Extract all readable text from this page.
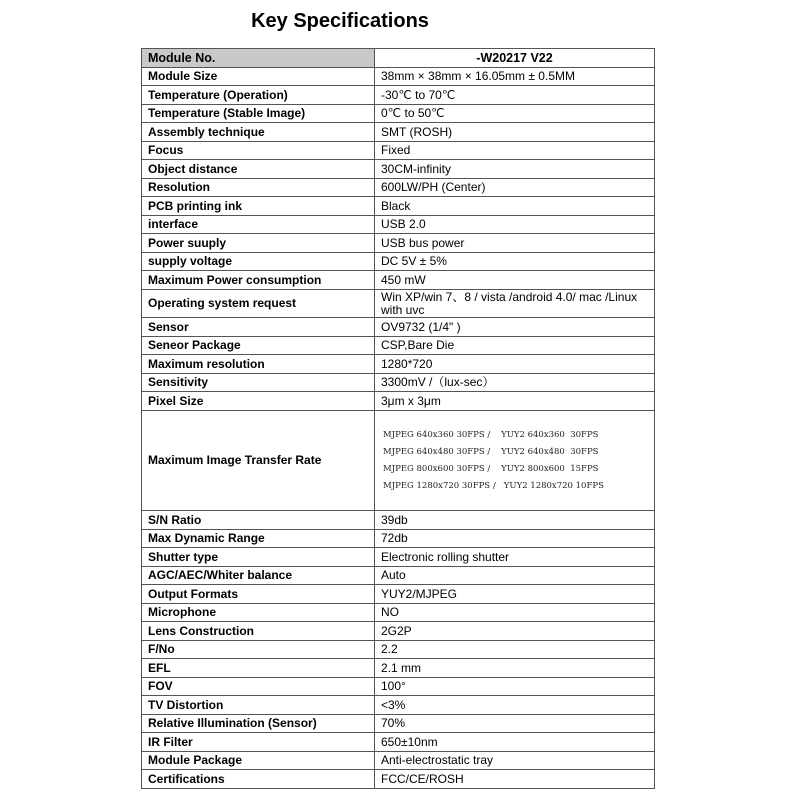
Key Specifications
Module No.	-W20217 V22
Module Size	38mm × 38mm × 16.05mm ± 0.5MM
Temperature (Operation)	-30℃ to 70℃
Temperature (Stable Image)	0℃ to 50℃
Assembly technique	SMT (ROSH)
Focus	Fixed
Object distance	30CM-infinity
Resolution	600LW/PH (Center)
PCB printing ink	Black
interface	USB 2.0
Power suuply	USB bus power
supply voltage	DC 5V ± 5%
Maximum Power consumption	450 mW
Operating system request	Win XP/win 7、8 / vista /android 4.0/ mac /Linux with uvc
Sensor	OV9732 (1/4" )
Seneor Package	CSP,Bare Die
Maximum resolution	1280*720
Sensitivity	3300mV /（lux-sec）
Pixel Size	3μm x 3μm
Maximum Image Transfer Rate	MJPEG 640x360 30FPS /    YUY2 640x360  30FPS
MJPEG 640x480 30FPS /    YUY2 640x480  30FPS
MJPEG 800x600 30FPS /    YUY2 800x600  15FPS
MJPEG 1280x720 30FPS /   YUY2 1280x720 10FPS

S/N Ratio	39db
Max Dynamic Range	72db
Shutter type	Electronic rolling shutter
AGC/AEC/Whiter balance	Auto
Output Formats	YUY2/MJPEG
Microphone	NO
Lens Construction	2G2P
F/No	2.2
EFL	2.1 mm
FOV	100°
TV Distortion	<3%
Relative Illumination (Sensor)	70%
IR Filter	650±10nm
Module Package	Anti-electrostatic tray
Certifications	FCC/CE/ROSH
